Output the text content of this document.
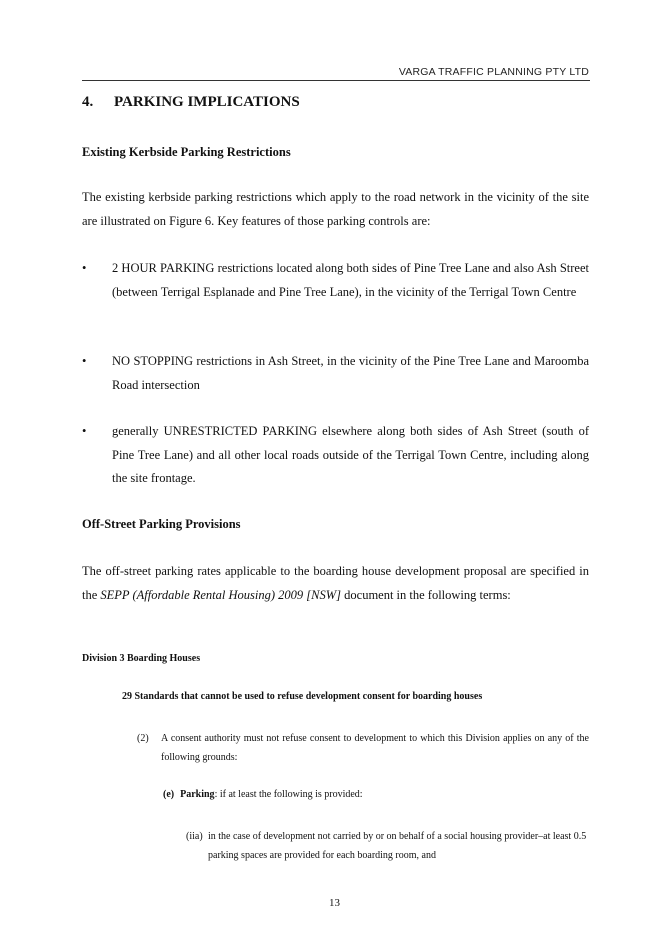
VARGA TRAFFIC PLANNING PTY LTD
4. PARKING IMPLICATIONS
Existing Kerbside Parking Restrictions
The existing kerbside parking restrictions which apply to the road network in the vicinity of the site are illustrated on Figure 6. Key features of those parking controls are:
• 2 HOUR PARKING restrictions located along both sides of Pine Tree Lane and also Ash Street (between Terrigal Esplanade and Pine Tree Lane), in the vicinity of the Terrigal Town Centre
• NO STOPPING restrictions in Ash Street, in the vicinity of the Pine Tree Lane and Maroomba Road intersection
• generally UNRESTRICTED PARKING elsewhere along both sides of Ash Street (south of Pine Tree Lane) and all other local roads outside of the Terrigal Town Centre, including along the site frontage.
Off-Street Parking Provisions
The off-street parking rates applicable to the boarding house development proposal are specified in the SEPP (Affordable Rental Housing) 2009 [NSW] document in the following terms:
Division 3 Boarding Houses
29 Standards that cannot be used to refuse development consent for boarding houses
(2) A consent authority must not refuse consent to development to which this Division applies on any of the following grounds:
(e) Parking: if at least the following is provided:
(iia) in the case of development not carried by or on behalf of a social housing provider–at least 0.5 parking spaces are provided for each boarding room, and
13
